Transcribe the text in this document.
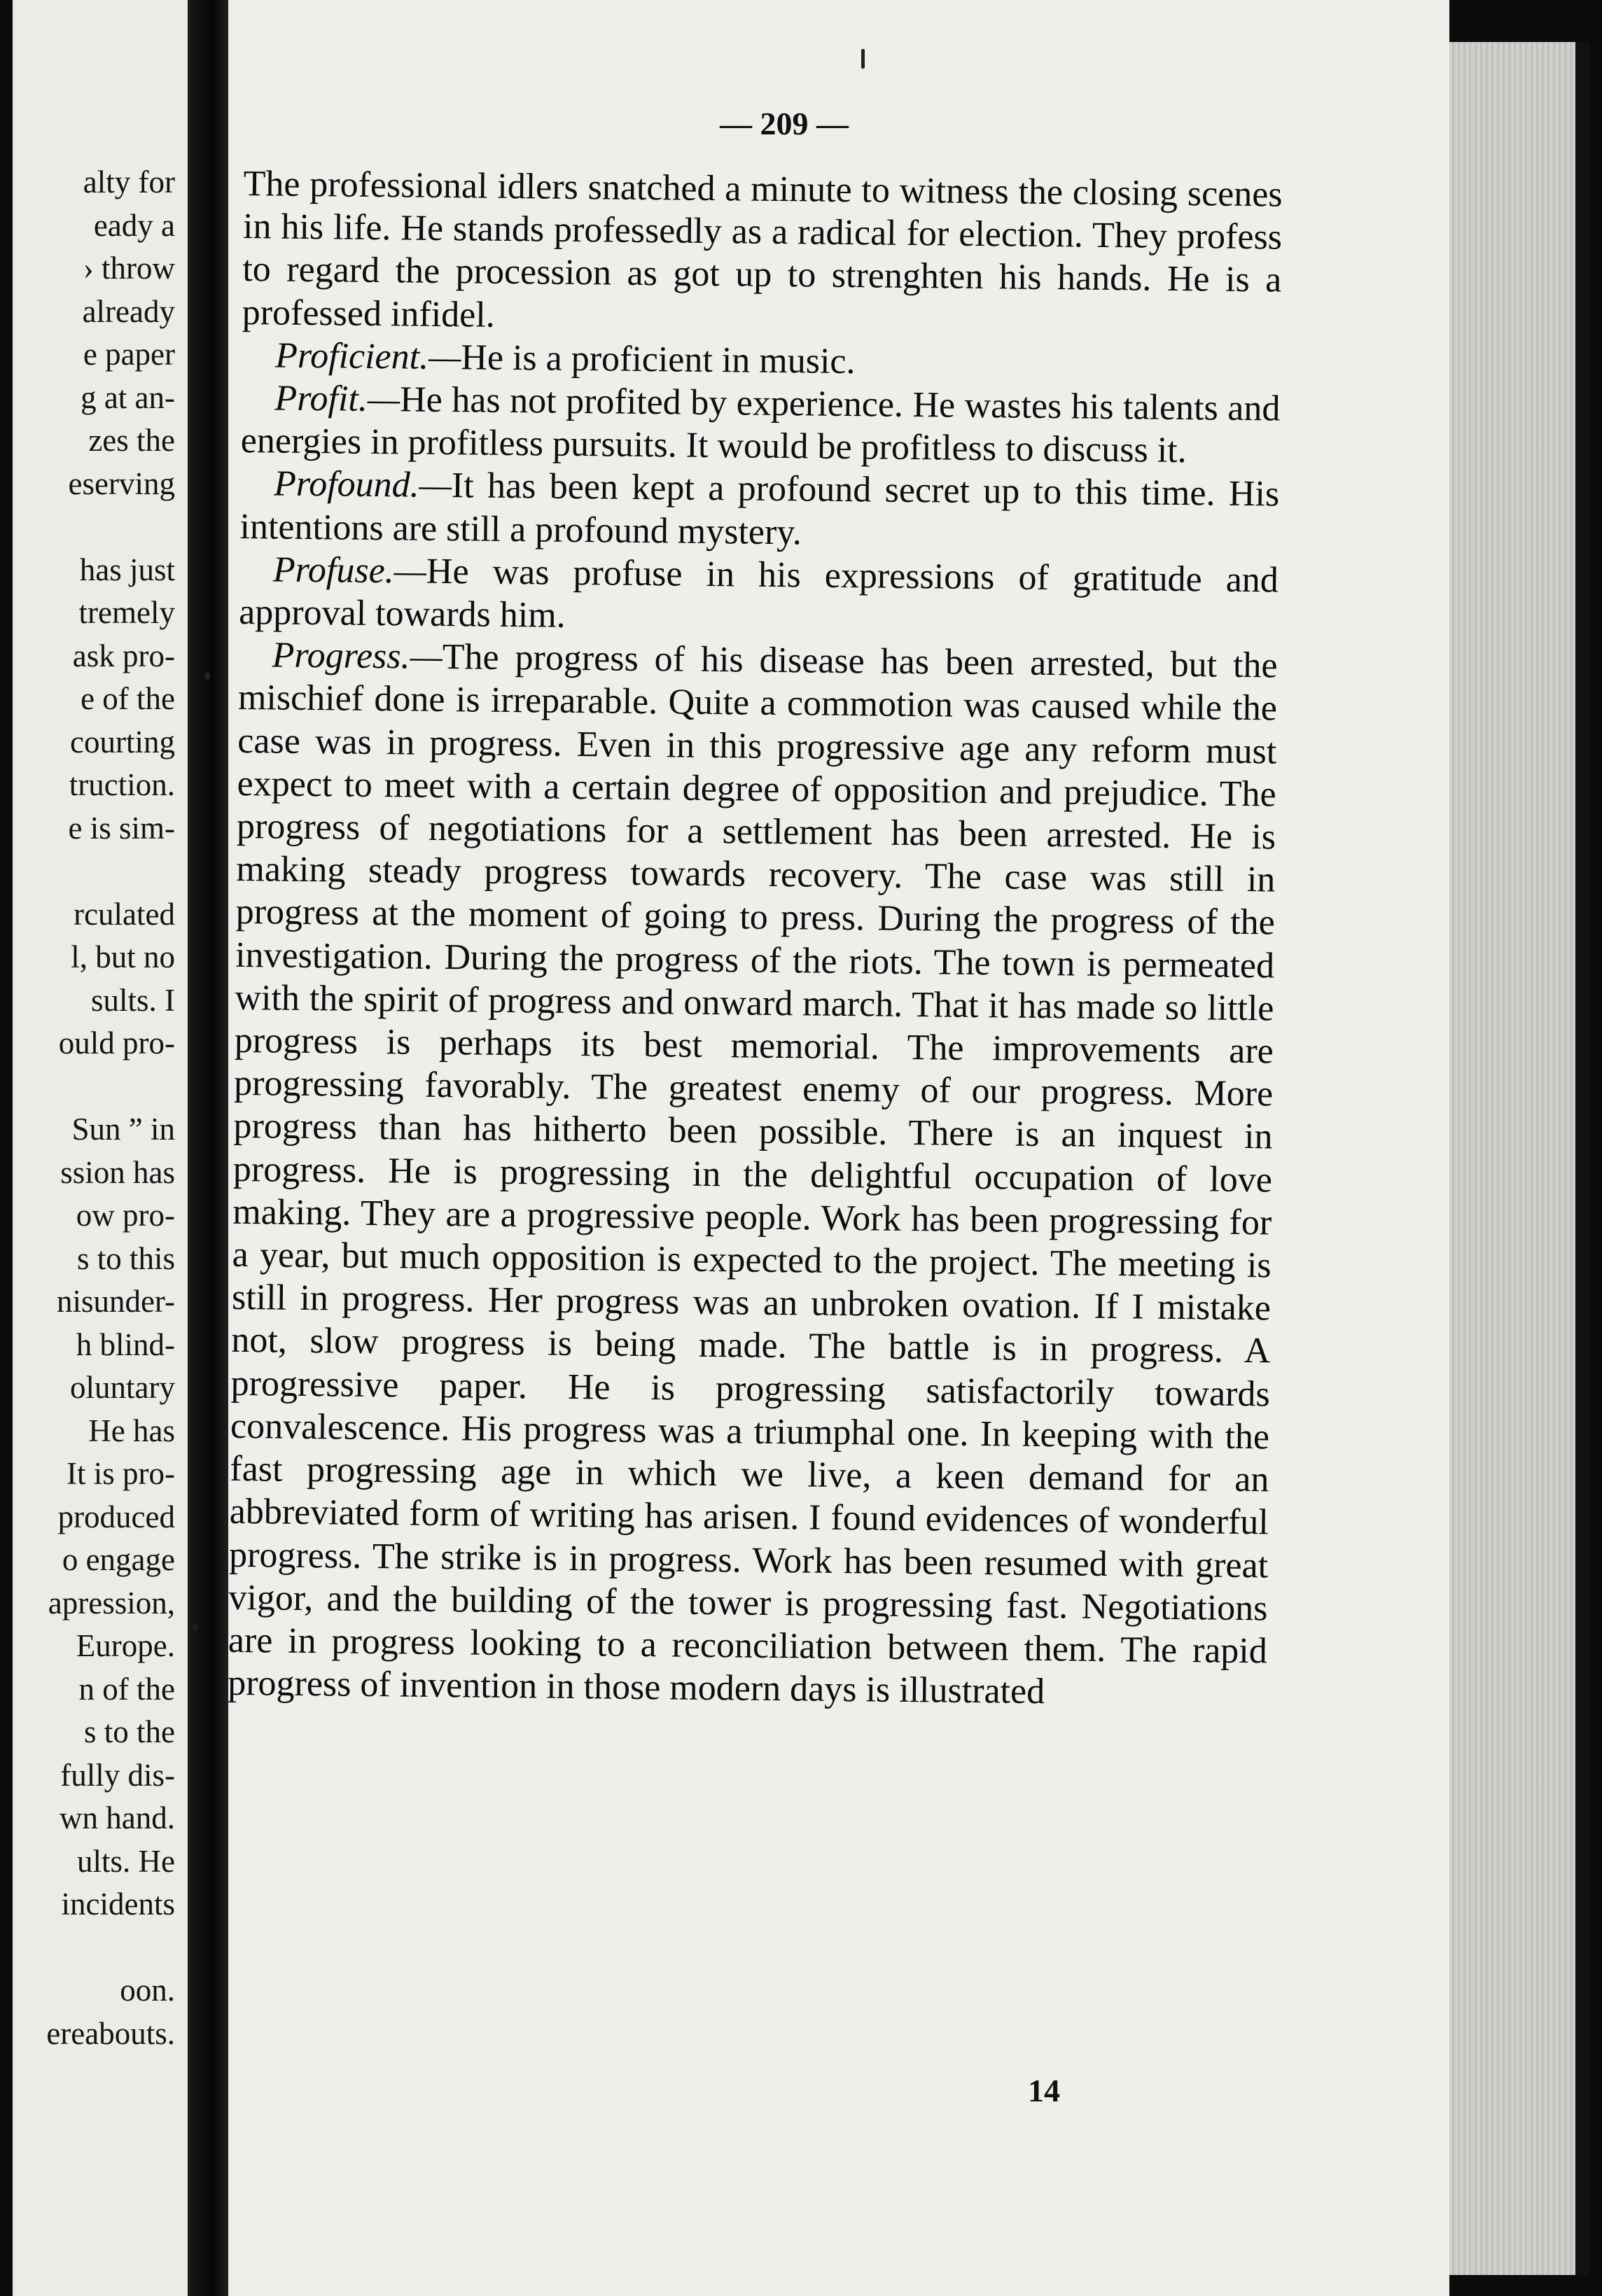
alty for
eady a
› throw
already
e paper
g at an-
zes the
eserving
has just
tremely
ask pro-
e of the
courting
truction.
e is sim-
rculated
l, but no
sults. I
ould pro-
Sun ” in
ssion has
ow pro-
s to this
nisunder-
h blind-
oluntary
He has
It is pro-
produced
o engage
apression,
Europe.
n of the
s to the
fully dis-
wn hand.
ults. He
incidents
oon.
ereabouts.
— 209 —

The professional idlers snatched a minute to witness the closing scenes in his life. He stands professedly as a radical for election. They profess to regard the procession as got up to strenghten his hands. He is a professed infidel.

Proficient.—He is a proficient in music.

Profit.—He has not profited by experience. He wastes his talents and energies in profitless pursuits. It would be profitless to discuss it.

Profound.—It has been kept a profound secret up to this time. His intentions are still a profound mystery.

Profuse.—He was profuse in his expressions of gratitude and approval towards him.

Progress.—The progress of his disease has been arrested, but the mischief done is irreparable. Quite a commotion was caused while the case was in progress. Even in this progressive age any reform must expect to meet with a certain degree of opposition and prejudice. The progress of negotiations for a settlement has been arrested. He is making steady progress towards recovery. The case was still in progress at the moment of going to press. During the progress of the investigation. During the progress of the riots. The town is permeated with the spirit of progress and onward march. That it has made so little progress is perhaps its best memorial. The improvements are progressing favorably. The greatest enemy of our progress. More progress than has hitherto been possible. There is an inquest in progress. He is progressing in the delightful occupation of love making. They are a progressive people. Work has been progressing for a year, but much opposition is expected to the project. The meeting is still in progress. Her progress was an unbroken ovation. If I mistake not, slow progress is being made. The battle is in progress. A progressive paper. He is progressing satisfactorily towards convalescence. His progress was a triumphal one. In keeping with the fast progressing age in which we live, a keen demand for an abbreviated form of writing has arisen. I found evidences of wonderful progress. The strike is in progress. Work has been resumed with great vigor, and the building of the tower is progressing fast. Negotiations are in progress looking to a reconciliation between them. The rapid progress of invention in those modern days is illustrated

14
